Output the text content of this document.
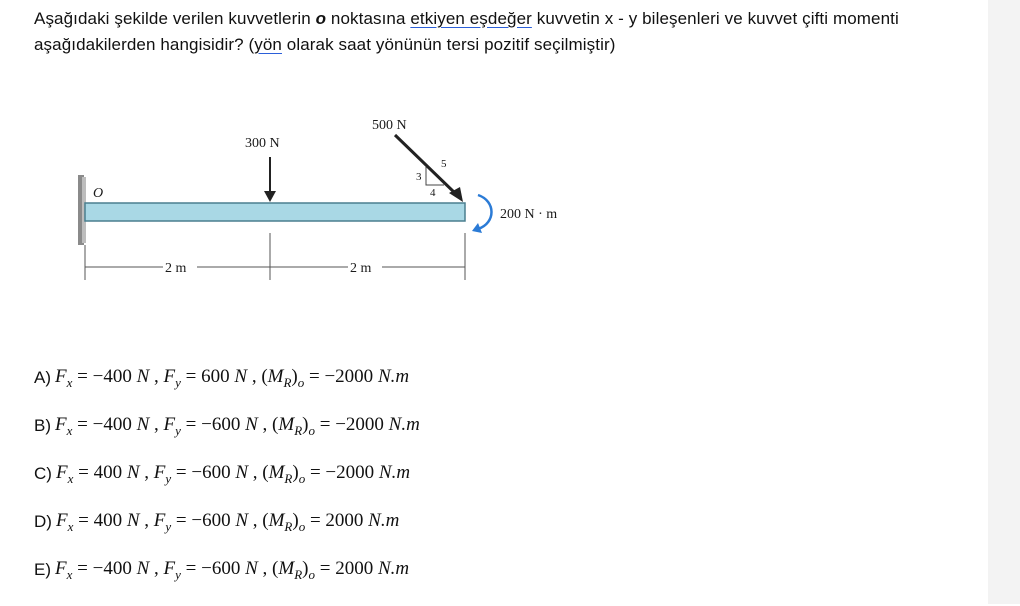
Aşağıdaki şekilde verilen kuvvetlerin o noktasına etkiyen eşdeğer kuvvetin x - y bileşenleri ve kuvvet çifti momenti aşağıdakilerden hangisidir? (yön olarak saat yönünün tersi pozitif seçilmiştir)
O
300 N
500 N
3
4
5
200 N · m
2 m	2 m
A) $F_x = -400$ N , $F_y = 600$ N , $(M_R)_o = -2000$ N.m
B) $F_x = -400$ N , $F_y = -600$ N , $(M_R)_o = -2000$ N.m
C) $F_x = 400$ N , $F_y = -600$ N , $(M_R)_o = -2000$ N.m
D) $F_x = 400$ N , $F_y = -600$ N , $(M_R)_o = 2000$ N.m
E) $F_x = -400$ N , $F_y = -600$ N , $(M_R)_o = 2000$ N.m
